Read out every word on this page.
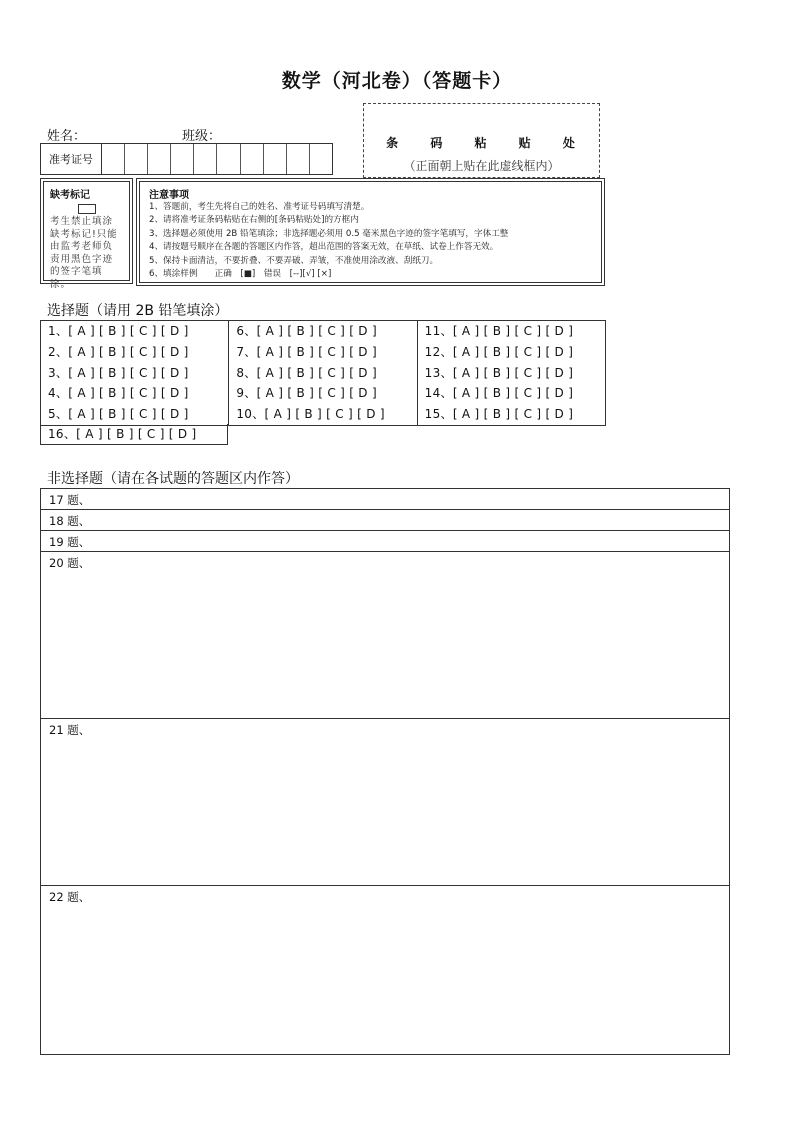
数学（河北卷）（答题卡）
姓名：	班级：
准考证号
条 码 粘 贴 处
（正面朝上贴在此虚线框内）
缺考标记
考生禁止填涂缺考标记!只能由监考老师负责用黑色字迹的签字笔填涂。
注意事项
1、答题前，考生先将自己的姓名、准考证号码填写清楚。
2、请将准考证条码粘贴在右侧的[条码粘贴处]的方框内
3、选择题必须使用 2B 铅笔填涂；非选择题必须用 0.5 毫米黑色字迹的签字笔填写，字体工整
4、请按题号顺序在各题的答题区内作答，超出范围的答案无效，在草纸、试卷上作答无效。
5、保持卡面清洁，不要折叠、不要弄破、弄皱，不准使用涂改液、刮纸刀。
6、填涂样例　　正确　[■]　错误　[--][√] [×]
选择题（请用 2B 铅笔填涂）
1、[ A ] [ B ] [ C ] [ D ]
2、[ A ] [ B ] [ C ] [ D ]
3、[ A ] [ B ] [ C ] [ D ]
4、[ A ] [ B ] [ C ] [ D ]
5、[ A ] [ B ] [ C ] [ D ]
6、[ A ] [ B ] [ C ] [ D ]
7、[ A ] [ B ] [ C ] [ D ]
8、[ A ] [ B ] [ C ] [ D ]
9、[ A ] [ B ] [ C ] [ D ]
10、[ A ] [ B ] [ C ] [ D ]
11、[ A ] [ B ] [ C ] [ D ]
12、[ A ] [ B ] [ C ] [ D ]
13、[ A ] [ B ] [ C ] [ D ]
14、[ A ] [ B ] [ C ] [ D ]
15、[ A ] [ B ] [ C ] [ D ]
16、[ A ] [ B ] [ C ] [ D ]
非选择题（请在各试题的答题区内作答）
17 题、
18 题、
19 题、
20 题、
21 题、
22 题、
